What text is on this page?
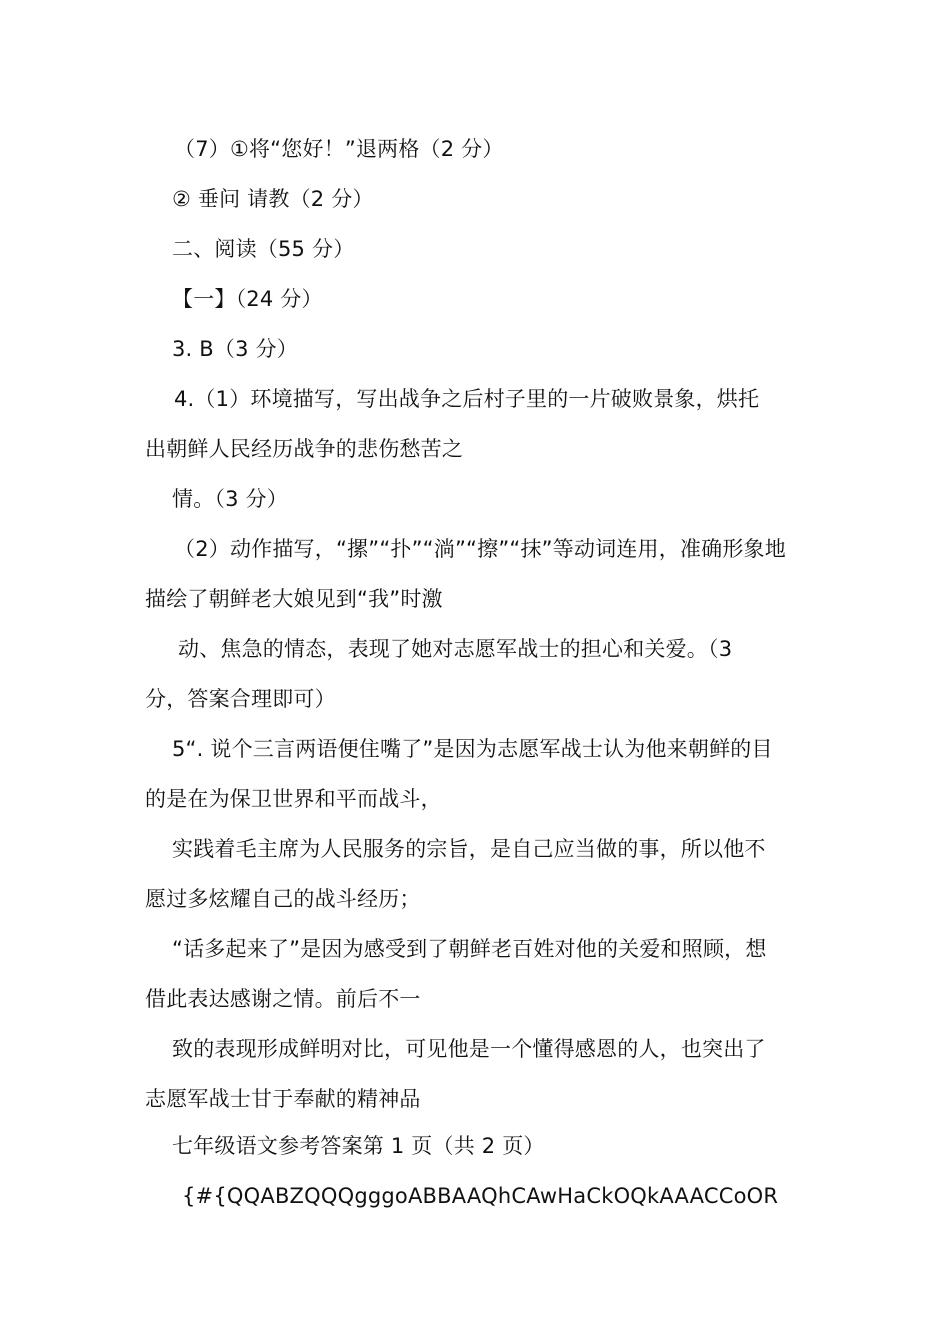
（7）①将“您好！”退两格（2 分）
② 垂问 请教（2 分）
二、阅读（55 分）
【一】（24 分）
3. B（3 分）
4.（1）环境描写，写出战争之后村子里的一片破败景象，烘托
出朝鲜人民经历战争的悲伤愁苦之
情。（3 分）
（2）动作描写，“摞”“扑”“淌”“擦”“抹”等动词连用，准确形象地
描绘了朝鲜老大娘见到“我”时激
动、焦急的情态，表现了她对志愿军战士的担心和关爱。（3
分，答案合理即可）
5“. 说个三言两语便住嘴了”是因为志愿军战士认为他来朝鲜的目
的是在为保卫世界和平而战斗，
实践着毛主席为人民服务的宗旨，是自己应当做的事，所以他不
愿过多炫耀自己的战斗经历；
“话多起来了”是因为感受到了朝鲜老百姓对他的关爱和照顾，想
借此表达感谢之情。前后不一
致的表现形成鲜明对比，可见他是一个懂得感恩的人，也突出了
志愿军战士甘于奉献的精神品
七年级语文参考答案第 1 页（共 2 页）
{#{QQABZQQQgggoABBAAQhCAwHaCkOQkAAACCoOR
